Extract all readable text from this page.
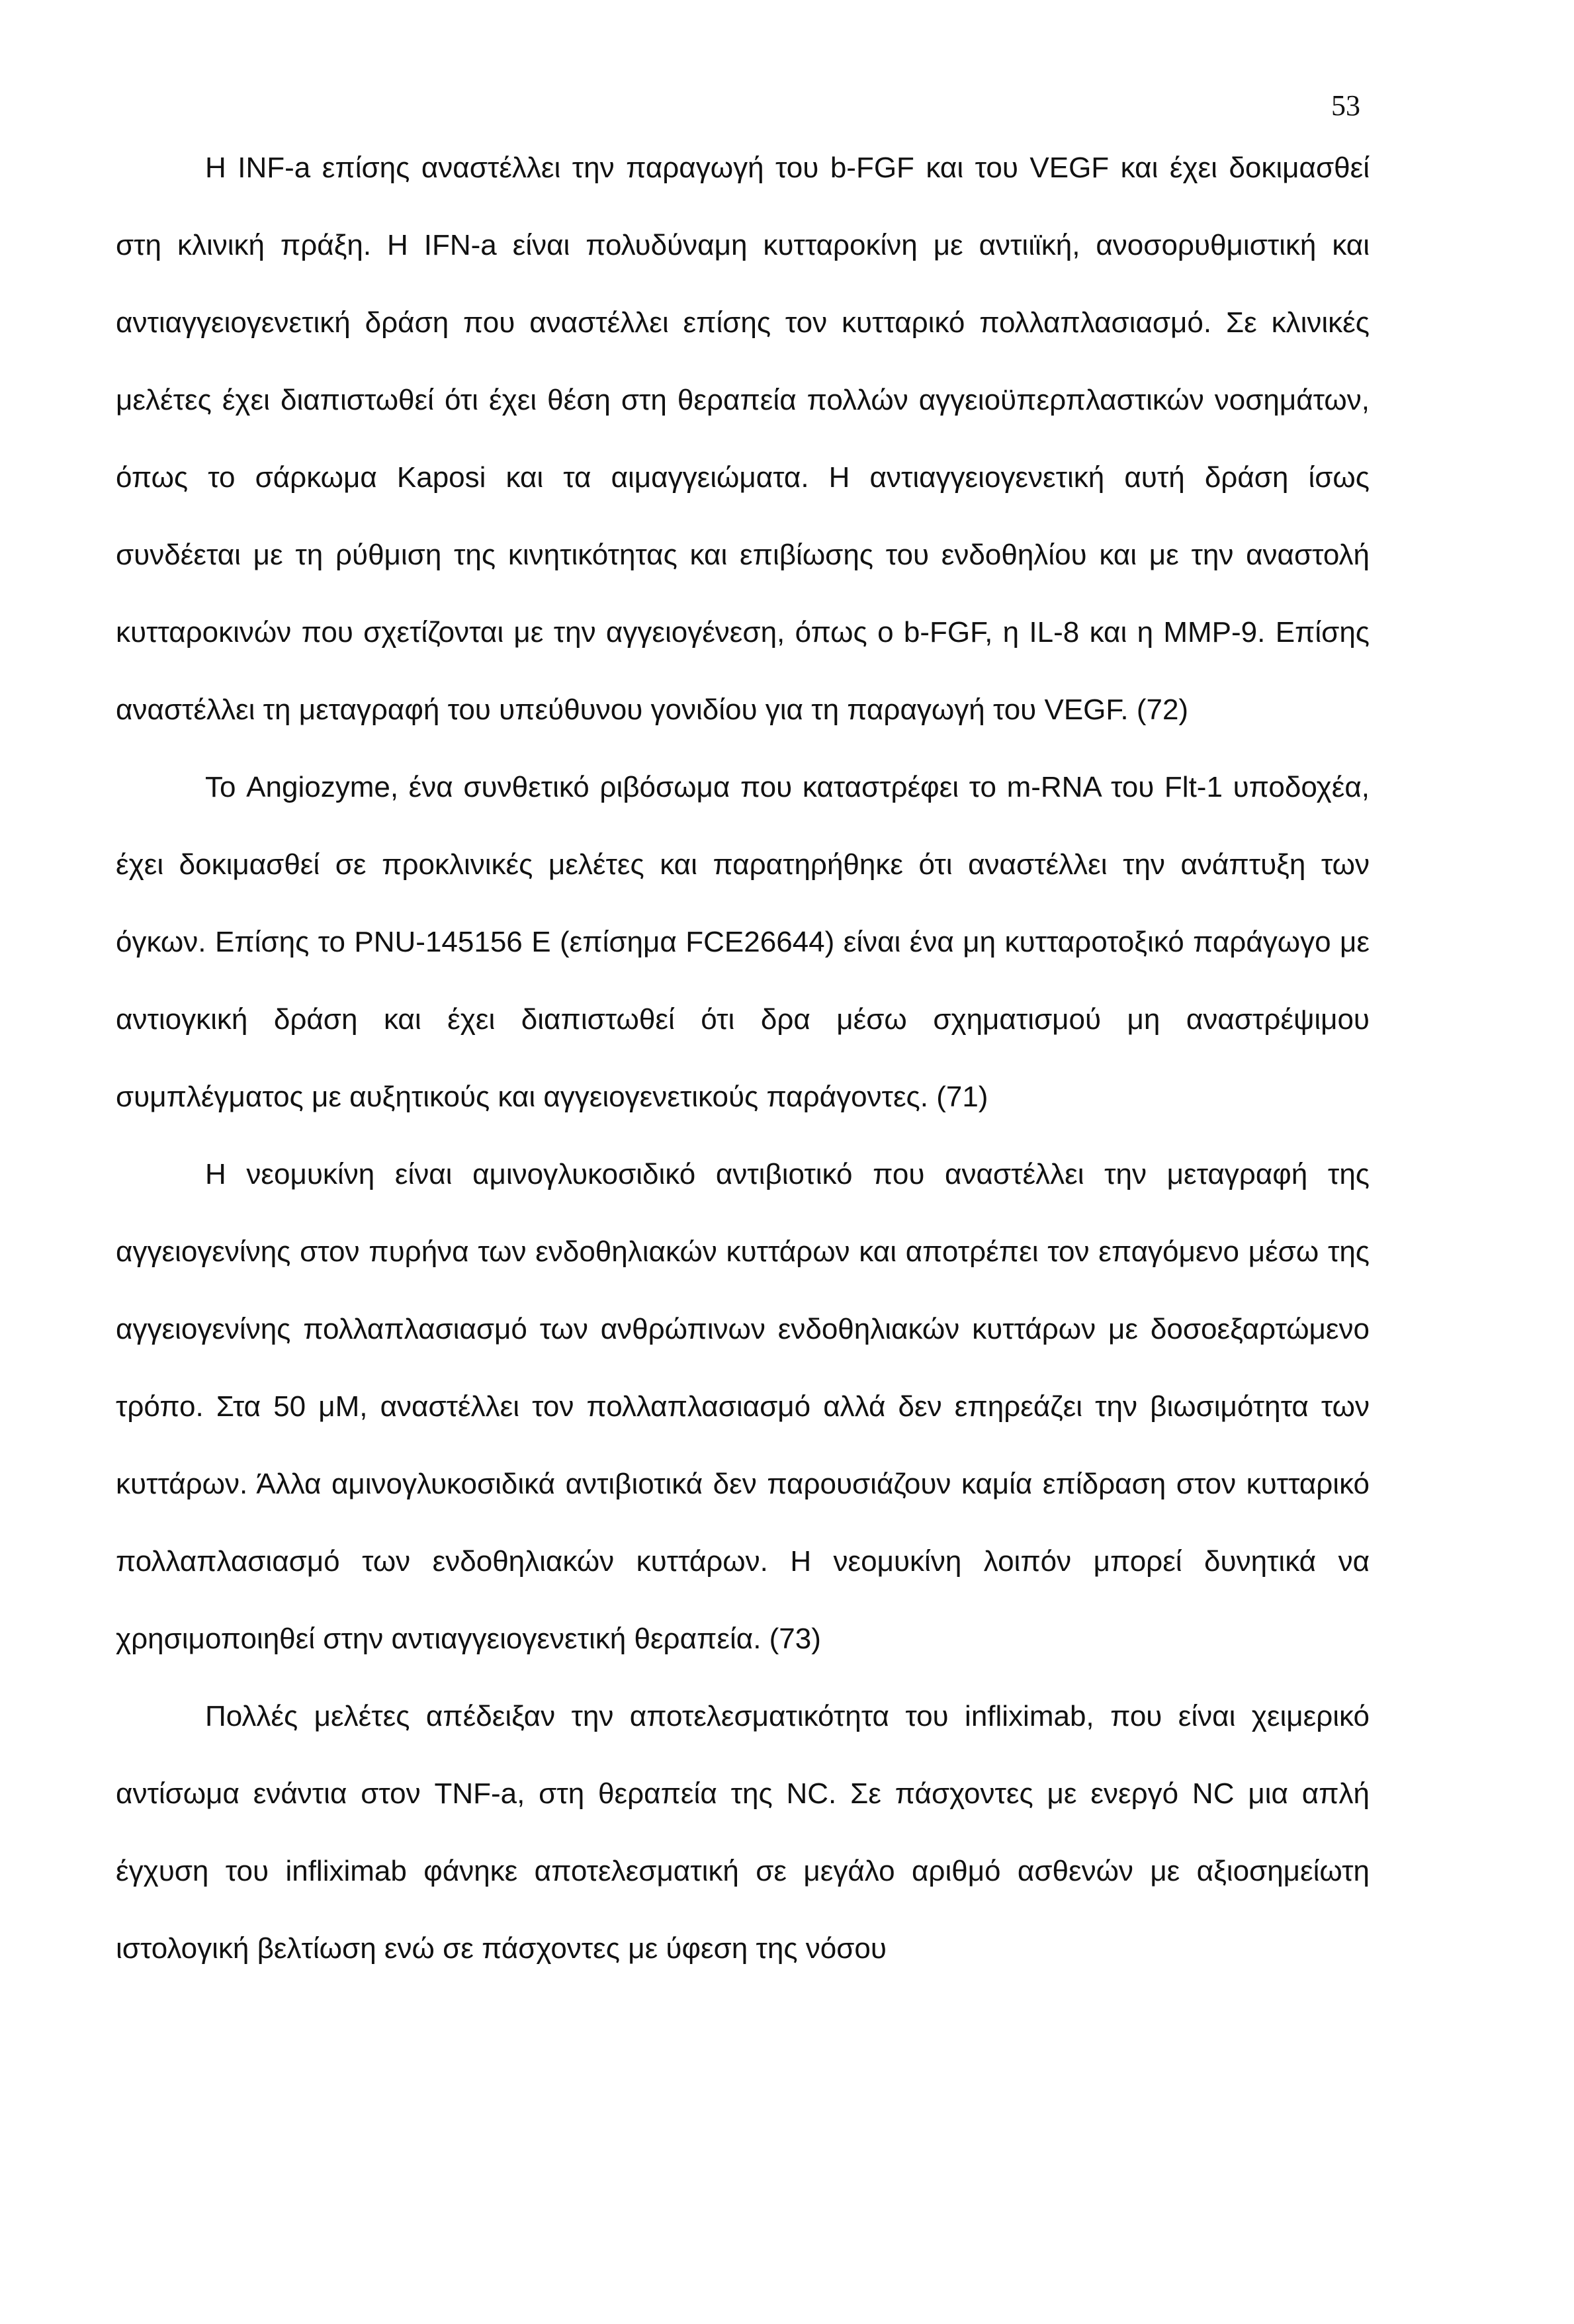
53

Η INF-a επίσης αναστέλλει την παραγωγή του b-FGF και του VEGF και έχει δοκιμασθεί στη κλινική πράξη. Η IFN-a είναι πολυδύναμη κυτταροκίνη με αντιιϊκή, ανοσορυθμιστική και αντιαγγειογενετική δράση που αναστέλλει επίσης τον κυτταρικό πολλαπλασιασμό. Σε κλινικές μελέτες έχει διαπιστωθεί ότι έχει θέση στη θεραπεία πολλών αγγειοϋπερπλαστικών νοσημάτων, όπως το σάρκωμα Kaposi και τα αιμαγγειώματα. Η αντιαγγειογενετική αυτή δράση ίσως συνδέεται με τη ρύθμιση της κινητικότητας και επιβίωσης του ενδοθηλίου και με την αναστολή κυτταροκινών που σχετίζονται με την αγγειογένεση, όπως ο b-FGF, η IL-8 και η MMP-9. Επίσης αναστέλλει τη μεταγραφή του υπεύθυνου γονιδίου για τη παραγωγή του VEGF. (72)

Το Angiozyme, ένα συνθετικό ριβόσωμα που καταστρέφει το m-RNA του Flt-1 υποδοχέα, έχει δοκιμασθεί σε προκλινικές μελέτες και παρατηρήθηκε ότι αναστέλλει την ανάπτυξη των όγκων. Επίσης το PNU-145156 E (επίσημα FCE26644) είναι ένα μη κυτταροτοξικό παράγωγο με αντιογκική δράση και έχει διαπιστωθεί ότι δρα μέσω σχηματισμού μη αναστρέψιμου συμπλέγματος με αυξητικούς και αγγειογενετικούς παράγοντες. (71)

Η νεομυκίνη είναι αμινογλυκοσιδικό αντιβιοτικό που αναστέλλει την μεταγραφή της αγγειογενίνης στον πυρήνα των ενδοθηλιακών κυττάρων και αποτρέπει τον επαγόμενο μέσω της αγγειογενίνης πολλαπλασιασμό των ανθρώπινων ενδοθηλιακών κυττάρων με δοσοεξαρτώμενο τρόπο. Στα 50 μM, αναστέλλει τον πολλαπλασιασμό αλλά δεν επηρεάζει την βιωσιμότητα των κυττάρων. Άλλα αμινογλυκοσιδικά αντιβιοτικά δεν παρουσιάζουν καμία επίδραση στον κυτταρικό πολλαπλασιασμό των ενδοθηλιακών κυττάρων. Η νεομυκίνη λοιπόν μπορεί δυνητικά να χρησιμοποιηθεί στην αντιαγγειογενετική θεραπεία. (73)

Πολλές μελέτες απέδειξαν την αποτελεσματικότητα του infliximab, που είναι χειμερικό αντίσωμα ενάντια στον TNF-a, στη θεραπεία της NC. Σε πάσχοντες με ενεργό NC μια απλή έγχυση του infliximab φάνηκε αποτελεσματική σε μεγάλο αριθμό ασθενών με αξιοσημείωτη ιστολογική βελτίωση ενώ σε πάσχοντες με ύφεση της νόσου
